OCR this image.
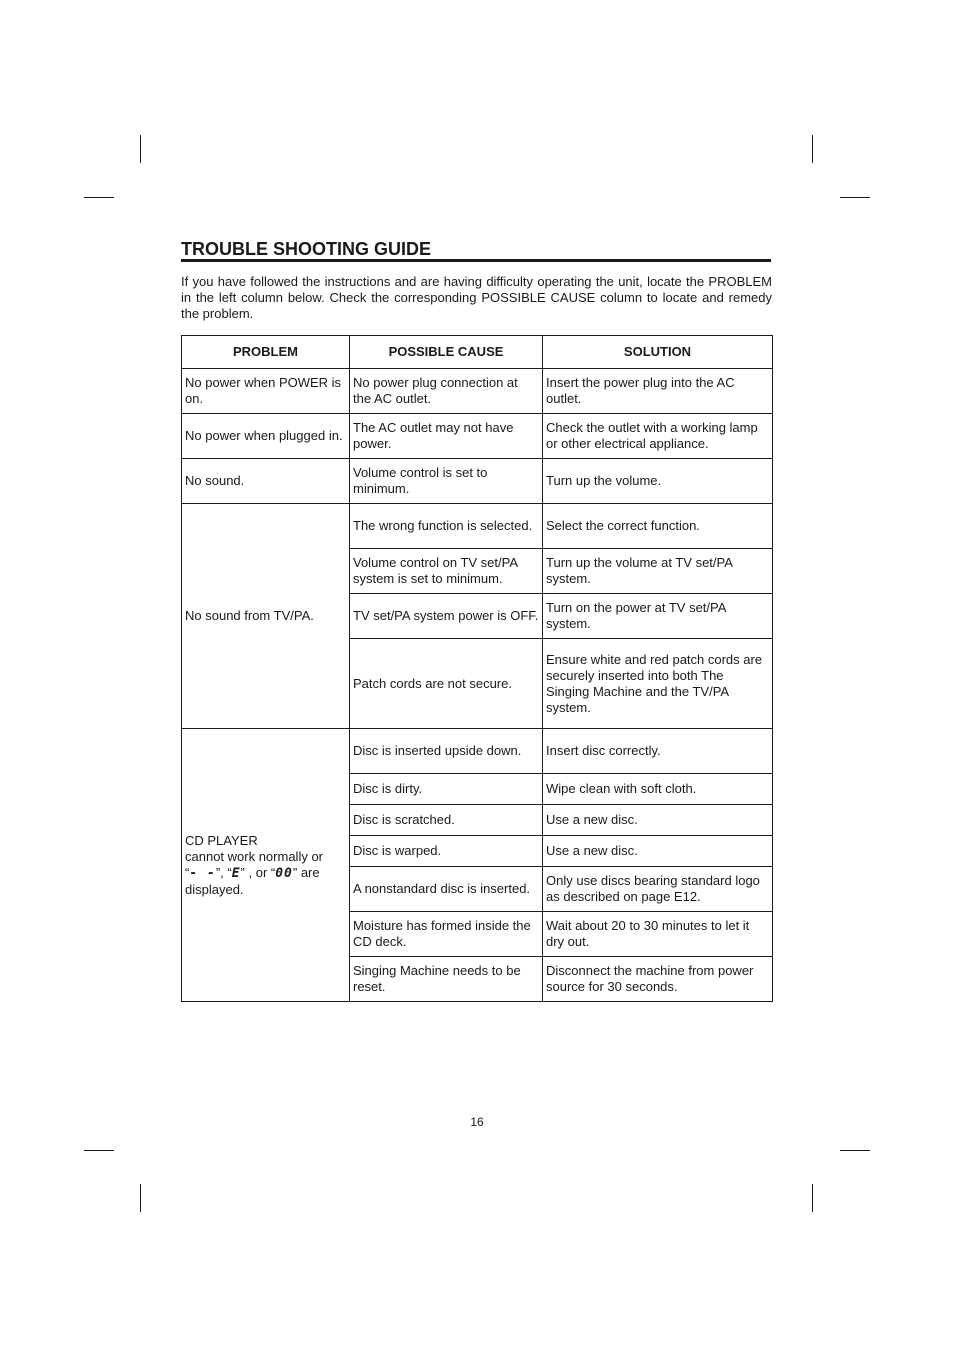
TROUBLE SHOOTING GUIDE
If you have followed the instructions and are having difficulty operating the unit, locate the PROBLEM in the left column below. Check the corresponding POSSIBLE CAUSE column to locate and remedy the problem.
PROBLEM	POSSIBLE CAUSE	SOLUTION
No power when POWER is on.	No power plug connection at the AC outlet.	Insert the power plug into the AC outlet.
No power when plugged in.	The AC outlet may not have power.	Check the outlet with a working lamp or other electrical appliance.
No sound.	Volume control is set to minimum.	Turn up the volume.
No sound from TV/PA.	The wrong function is selected.	Select the correct function.
	Volume control on TV set/PA system is set to minimum.	Turn up the volume at TV set/PA system.
	TV set/PA system power is OFF.	Turn on the power at TV set/PA system.
	Patch cords are not secure.	Ensure white and red patch cords are securely inserted into both The Singing Machine and the TV/PA system.

CD PLAYER
cannot work normally or
“- -”, “E” , or “00” are displayed.	Disc is inserted upside down.	Insert disc correctly.
	Disc is dirty.	Wipe clean with soft cloth.
	Disc is scratched.	Use a new disc.
	Disc is warped.	Use a new disc.
	A nonstandard disc is inserted.	Only use discs bearing standard logo as described on page E12.
	Moisture has formed inside the CD deck.	Wait about 20 to 30 minutes to let it dry out.
	Singing Machine needs to be reset.	Disconnect the machine from power source for 30 seconds.
16
